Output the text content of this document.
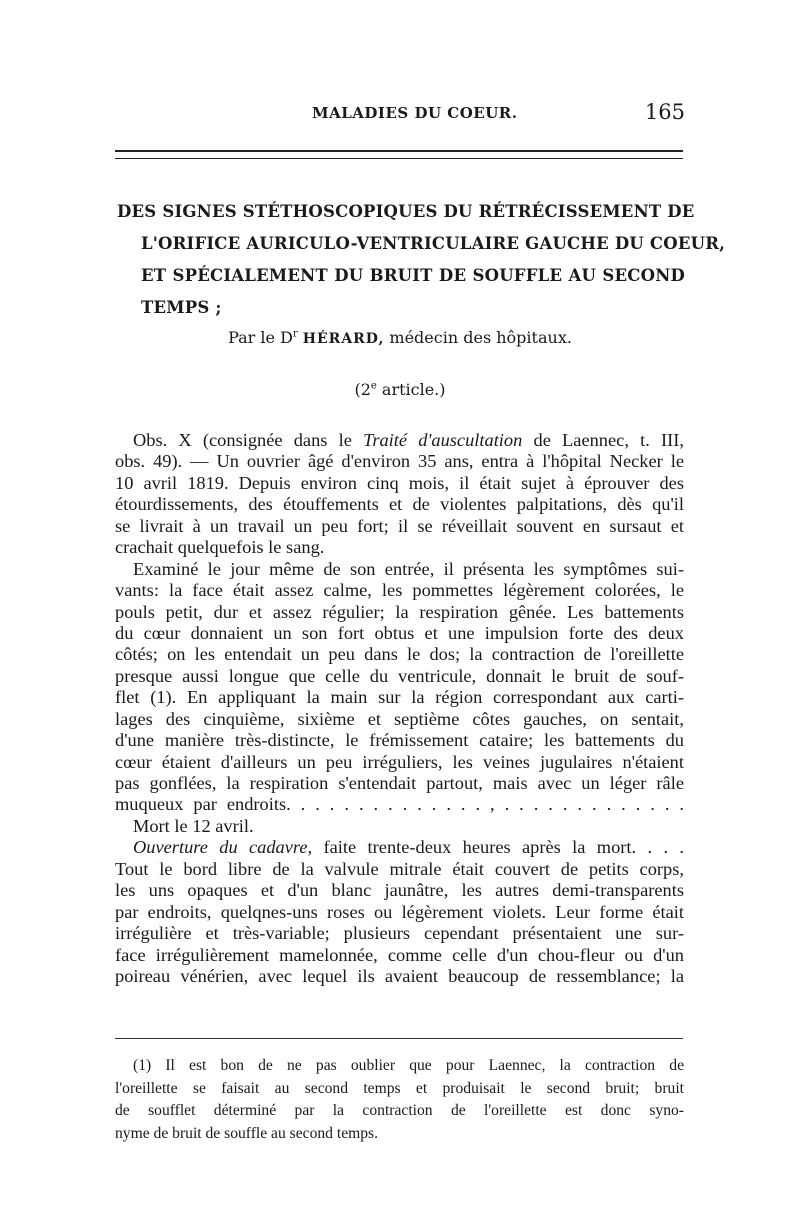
MALADIES DU COEUR.	165
DES SIGNES STÉTHOSCOPIQUES DU RÉTRÉCISSEMENT DE
L'ORIFICE AURICULO-VENTRICULAIRE GAUCHE DU COEUR,
ET SPÉCIALEMENT DU BRUIT DE SOUFFLE AU SECOND
TEMPS ;
Par le $D^r$ HÉRARD, médecin des hôpitaux.
(2e article.)
Obs. X (consignée dans le Traité d'auscultation de Laennec, t. III,
obs. 49). — Un ouvrier âgé d'environ 35 ans, entra à l'hôpital Necker le
10 avril 1819. Depuis environ cinq mois, il était sujet à éprouver des
étourdissements, des étouffements et de violentes palpitations, dès qu'il
se livrait à un travail un peu fort; il se réveillait souvent en sursaut et
crachait quelquefois le sang.
Examiné le jour même de son entrée, il présenta les symptômes sui-
vants: la face était assez calme, les pommettes légèrement colorées, le
pouls petit, dur et assez régulier; la respiration gênée. Les battements
du cœur donnaient un son fort obtus et une impulsion forte des deux
côtés; on les entendait un peu dans le dos; la contraction de l'oreillette
presque aussi longue que celle du ventricule, donnait le bruit de souf-
flet (1). En appliquant la main sur la région correspondant aux carti-
lages des cinquième, sixième et septième côtes gauches, on sentait,
d'une manière très-distincte, le frémissement cataire; les battements du
cœur étaient d'ailleurs un peu irréguliers, les veines jugulaires n'étaient
pas gonflées, la respiration s'entendait partout, mais avec un léger râle
muqueux par endroits. . . . . . . . . . . . . . , . . . . . . . . . . . . .
Mort le 12 avril.
Ouverture du cadavre, faite trente-deux heures après la mort. . . .
Tout le bord libre de la valvule mitrale était couvert de petits corps,
les uns opaques et d'un blanc jaunâtre, les autres demi-transparents
par endroits, quelqnes-uns roses ou légèrement violets. Leur forme était
irrégulière et très-variable; plusieurs cependant présentaient une sur-
face irrégulièrement mamelonnée, comme celle d'un chou-fleur ou d'un
poireau vénérien, avec lequel ils avaient beaucoup de ressemblance; la
(1) Il est bon de ne pas oublier que pour Laennec, la contraction de
l'oreillette se faisait au second temps et produisait le second bruit; bruit
de soufflet déterminé par la contraction de l'oreillette est donc syno-
nyme de bruit de souffle au second temps.
